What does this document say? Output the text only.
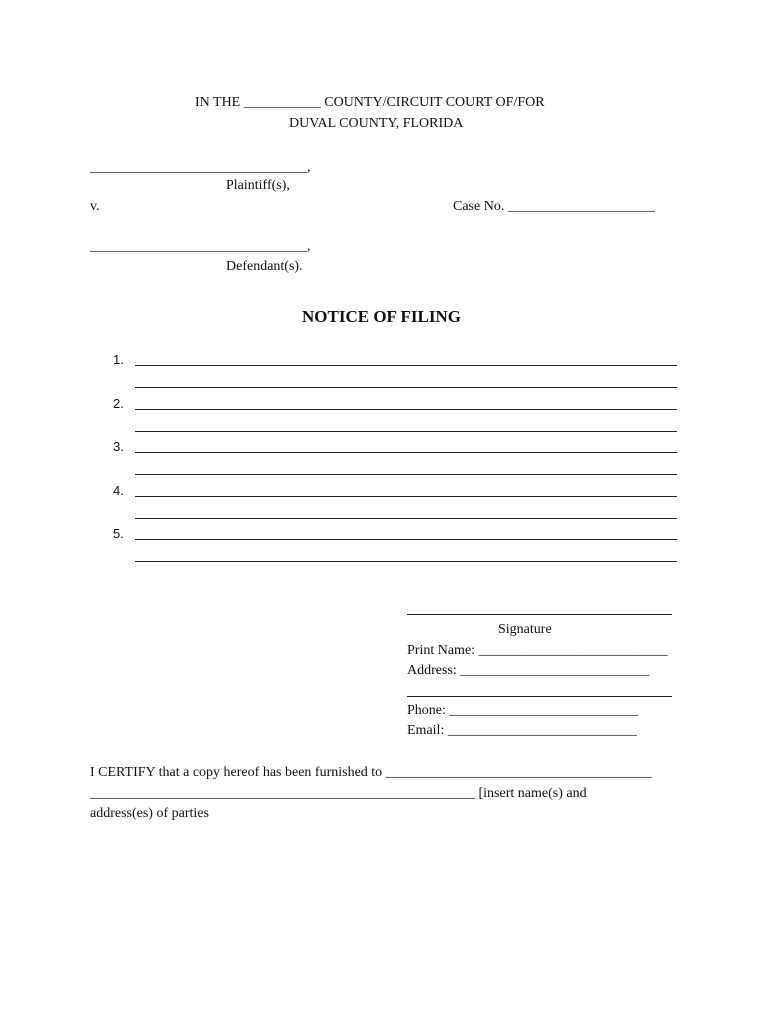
IN THE ___________ COUNTY/CIRCUIT COURT OF/FOR
DUVAL COUNTY, FLORIDA
_______________________________,
Plaintiff(s),
v.	Case No. _____________________
_______________________________,
Defendant(s).
NOTICE OF FILING
1.
2.
3.
4.
5.
Signature
Print Name: ___________________________
Address: ___________________________
Phone: ___________________________
Email: ___________________________
I CERTIFY that a copy hereof has been furnished to ______________________________________
_______________________________________________________ [insert name(s) and
address(es) of parties
